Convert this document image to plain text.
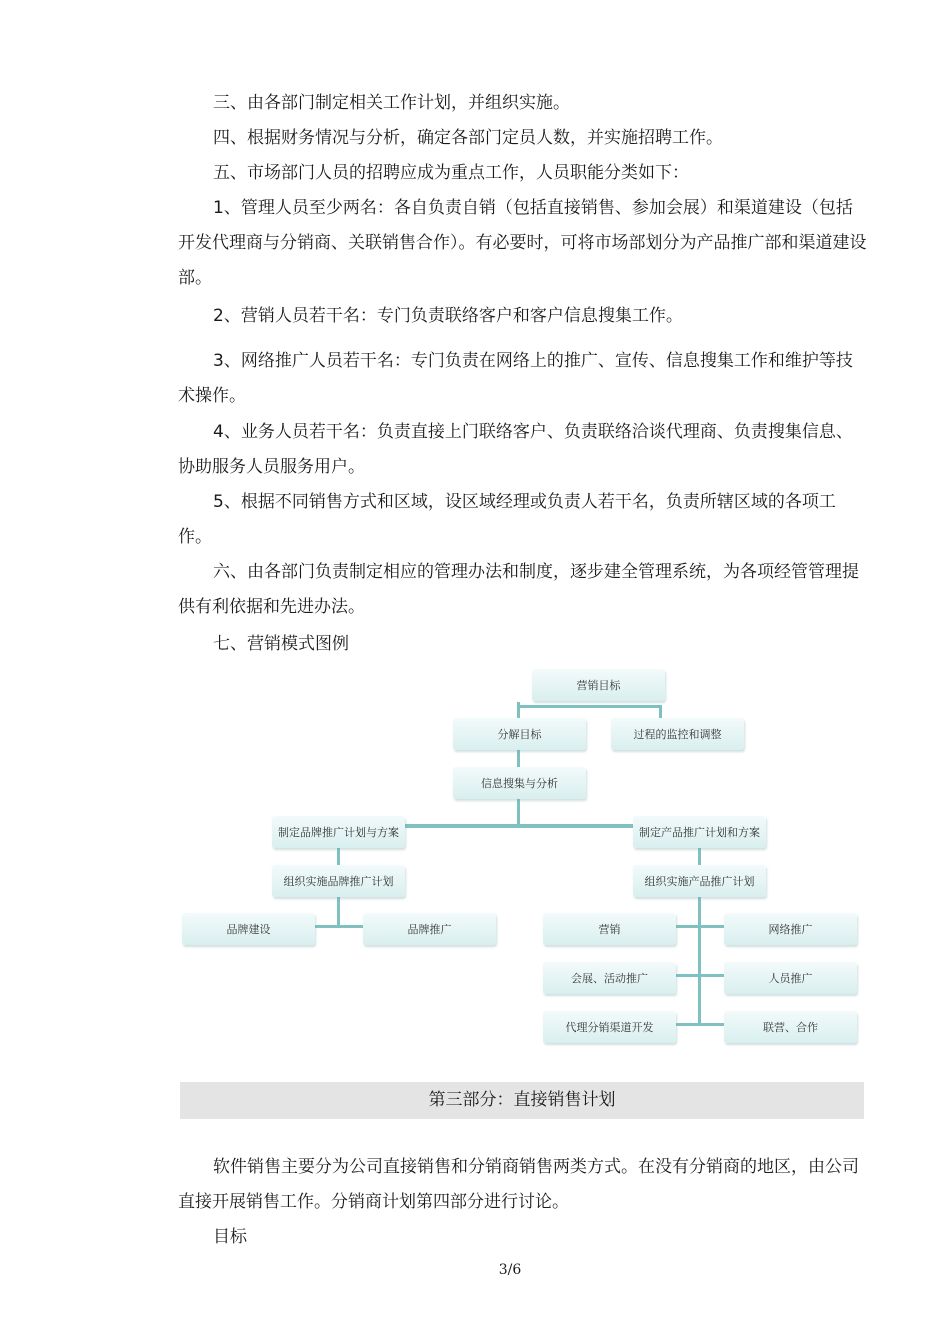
三、由各部门制定相关工作计划，并组织实施。

四、根据财务情况与分析，确定各部门定员人数，并实施招聘工作。

五、市场部门人员的招聘应成为重点工作，人员职能分类如下：

1、管理人员至少两名：各自负责自销（包括直接销售、参加会展）和渠道建设（包括开发代理商与分销商、关联销售合作）。有必要时，可将市场部划分为产品推广部和渠道建设部。

2、营销人员若干名：专门负责联络客户和客户信息搜集工作。

3、网络推广人员若干名：专门负责在网络上的推广、宣传、信息搜集工作和维护等技术操作。

4、业务人员若干名：负责直接上门联络客户、负责联络洽谈代理商、负责搜集信息、协助服务人员服务用户。

5、根据不同销售方式和区域，设区域经理或负责人若干名，负责所辖区域的各项工作。

六、由各部门负责制定相应的管理办法和制度，逐步建全管理系统，为各项经管管理提供有利依据和先进办法。

七、营销模式图例

营销目标
分解目标	过程的监控和调整
信息搜集与分析
制定品牌推广计划与方案	制定产品推广计划和方案
组织实施品牌推广计划	组织实施产品推广计划
品牌建设	品牌推广	营销	网络推广
会展、活动推广	人员推广
代理分销渠道开发	联营、合作
第三部分：直接销售计划

软件销售主要分为公司直接销售和分销商销售两类方式。在没有分销商的地区，由公司直接开展销售工作。分销商计划第四部分进行讨论。

目标

3/6
